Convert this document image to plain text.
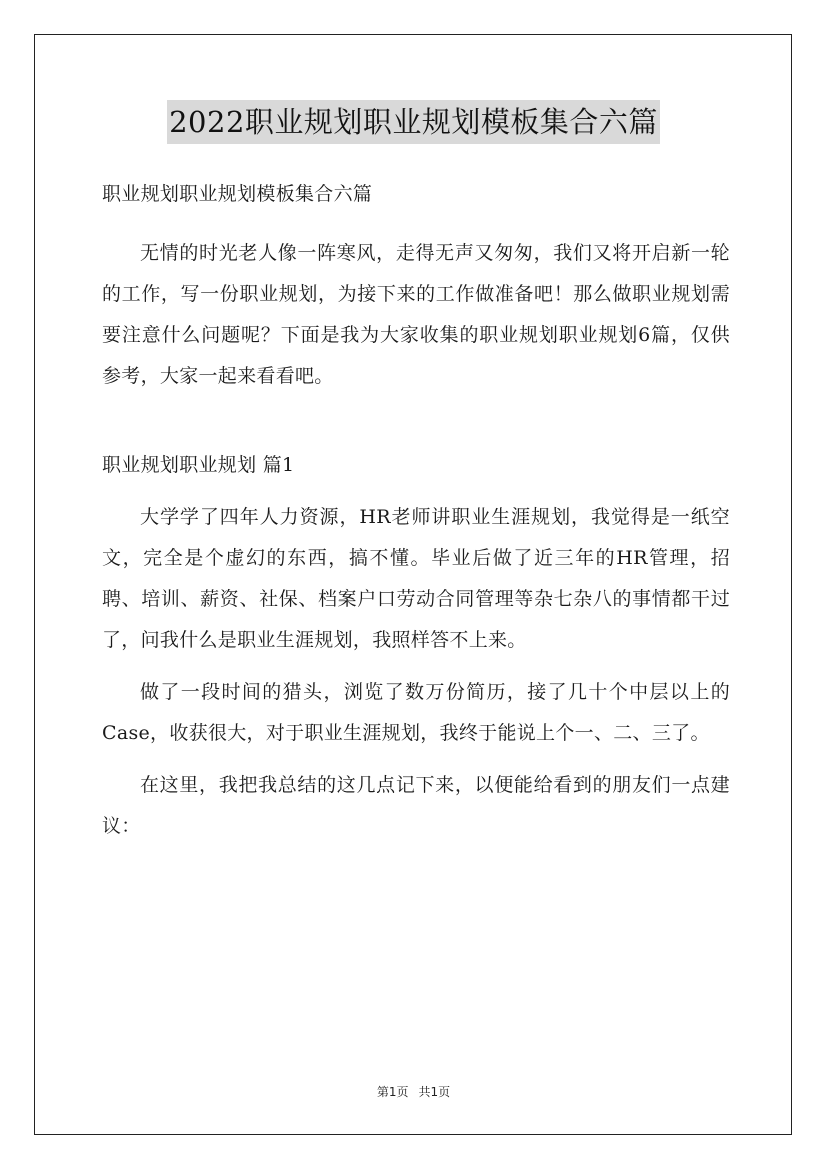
2022职业规划职业规划模板集合六篇

职业规划职业规划模板集合六篇

无情的时光老人像一阵寒风，走得无声又匆匆，我们又将开启新一轮的工作，写一份职业规划，为接下来的工作做准备吧！那么做职业规划需要注意什么问题呢？下面是我为大家收集的职业规划职业规划6篇，仅供参考，大家一起来看看吧。

职业规划职业规划 篇1

大学学了四年人力资源，HR老师讲职业生涯规划，我觉得是一纸空文，完全是个虚幻的东西，搞不懂。毕业后做了近三年的HR管理，招聘、培训、薪资、社保、档案户口劳动合同管理等杂七杂八的事情都干过了，问我什么是职业生涯规划，我照样答不上来。

做了一段时间的猎头，浏览了数万份简历，接了几十个中层以上的Case，收获很大，对于职业生涯规划，我终于能说上个一、二、三了。

在这里，我把我总结的这几点记下来，以便能给看到的朋友们一点建议：

第1页 共1页
